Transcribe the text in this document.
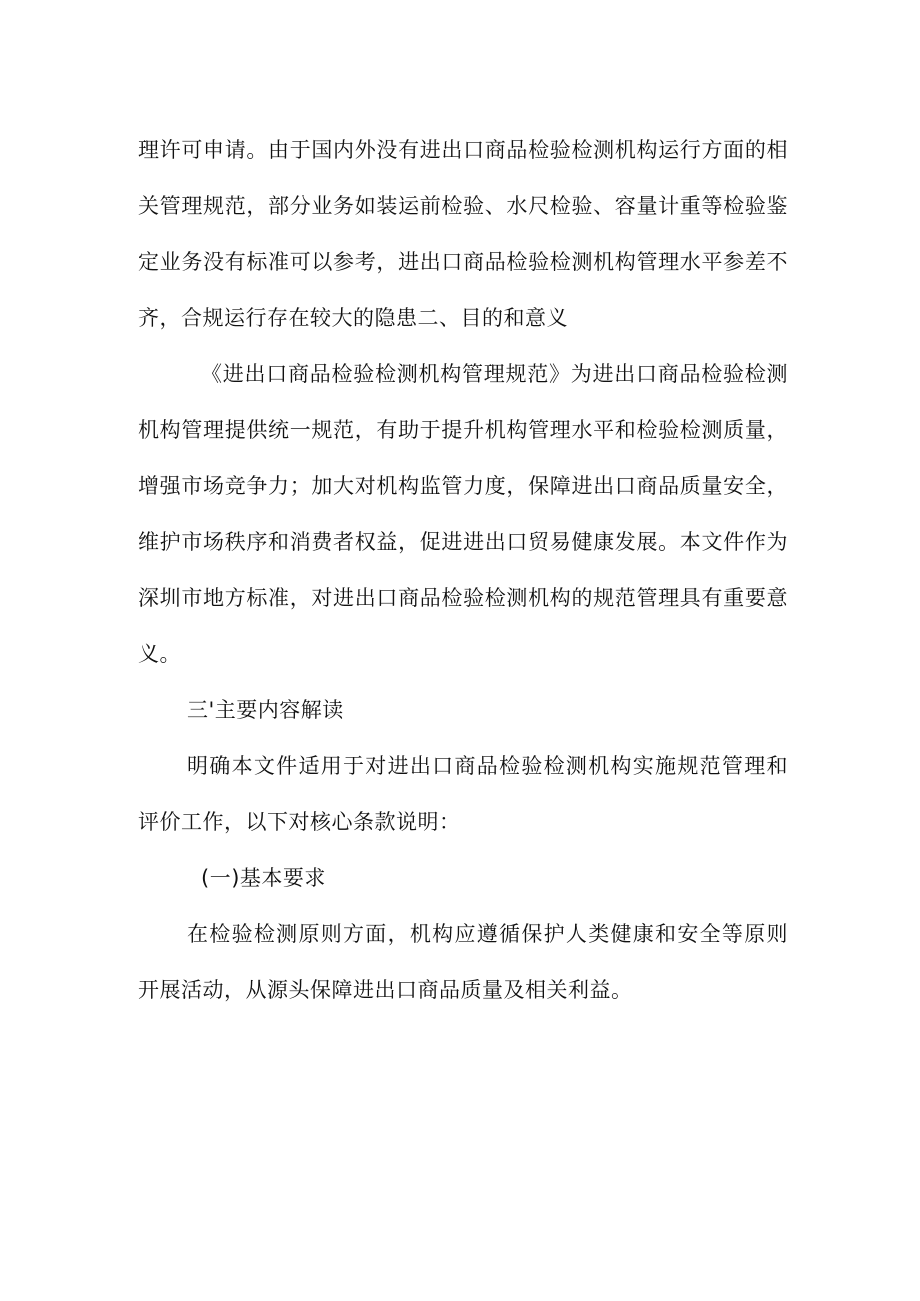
理许可申请。由于国内外没有进出口商品检验检测机构运行方面的相关管理规范，部分业务如装运前检验、水尺检验、容量计重等检验鉴定业务没有标准可以参考，进出口商品检验检测机构管理水平参差不齐，合规运行存在较大的隐患二、目的和意义

《进出口商品检验检测机构管理规范》为进出口商品检验检测机构管理提供统一规范，有助于提升机构管理水平和检验检测质量，增强市场竞争力；加大对机构监管力度，保障进出口商品质量安全，维护市场秩序和消费者权益，促进进出口贸易健康发展。本文件作为深圳市地方标准，对进出口商品检验检测机构的规范管理具有重要意义。

三'主要内容解读

明确本文件适用于对进出口商品检验检测机构实施规范管理和评价工作，以下对核心条款说明：

(一)基本要求

在检验检测原则方面，机构应遵循保护人类健康和安全等原则开展活动，从源头保障进出口商品质量及相关利益。
